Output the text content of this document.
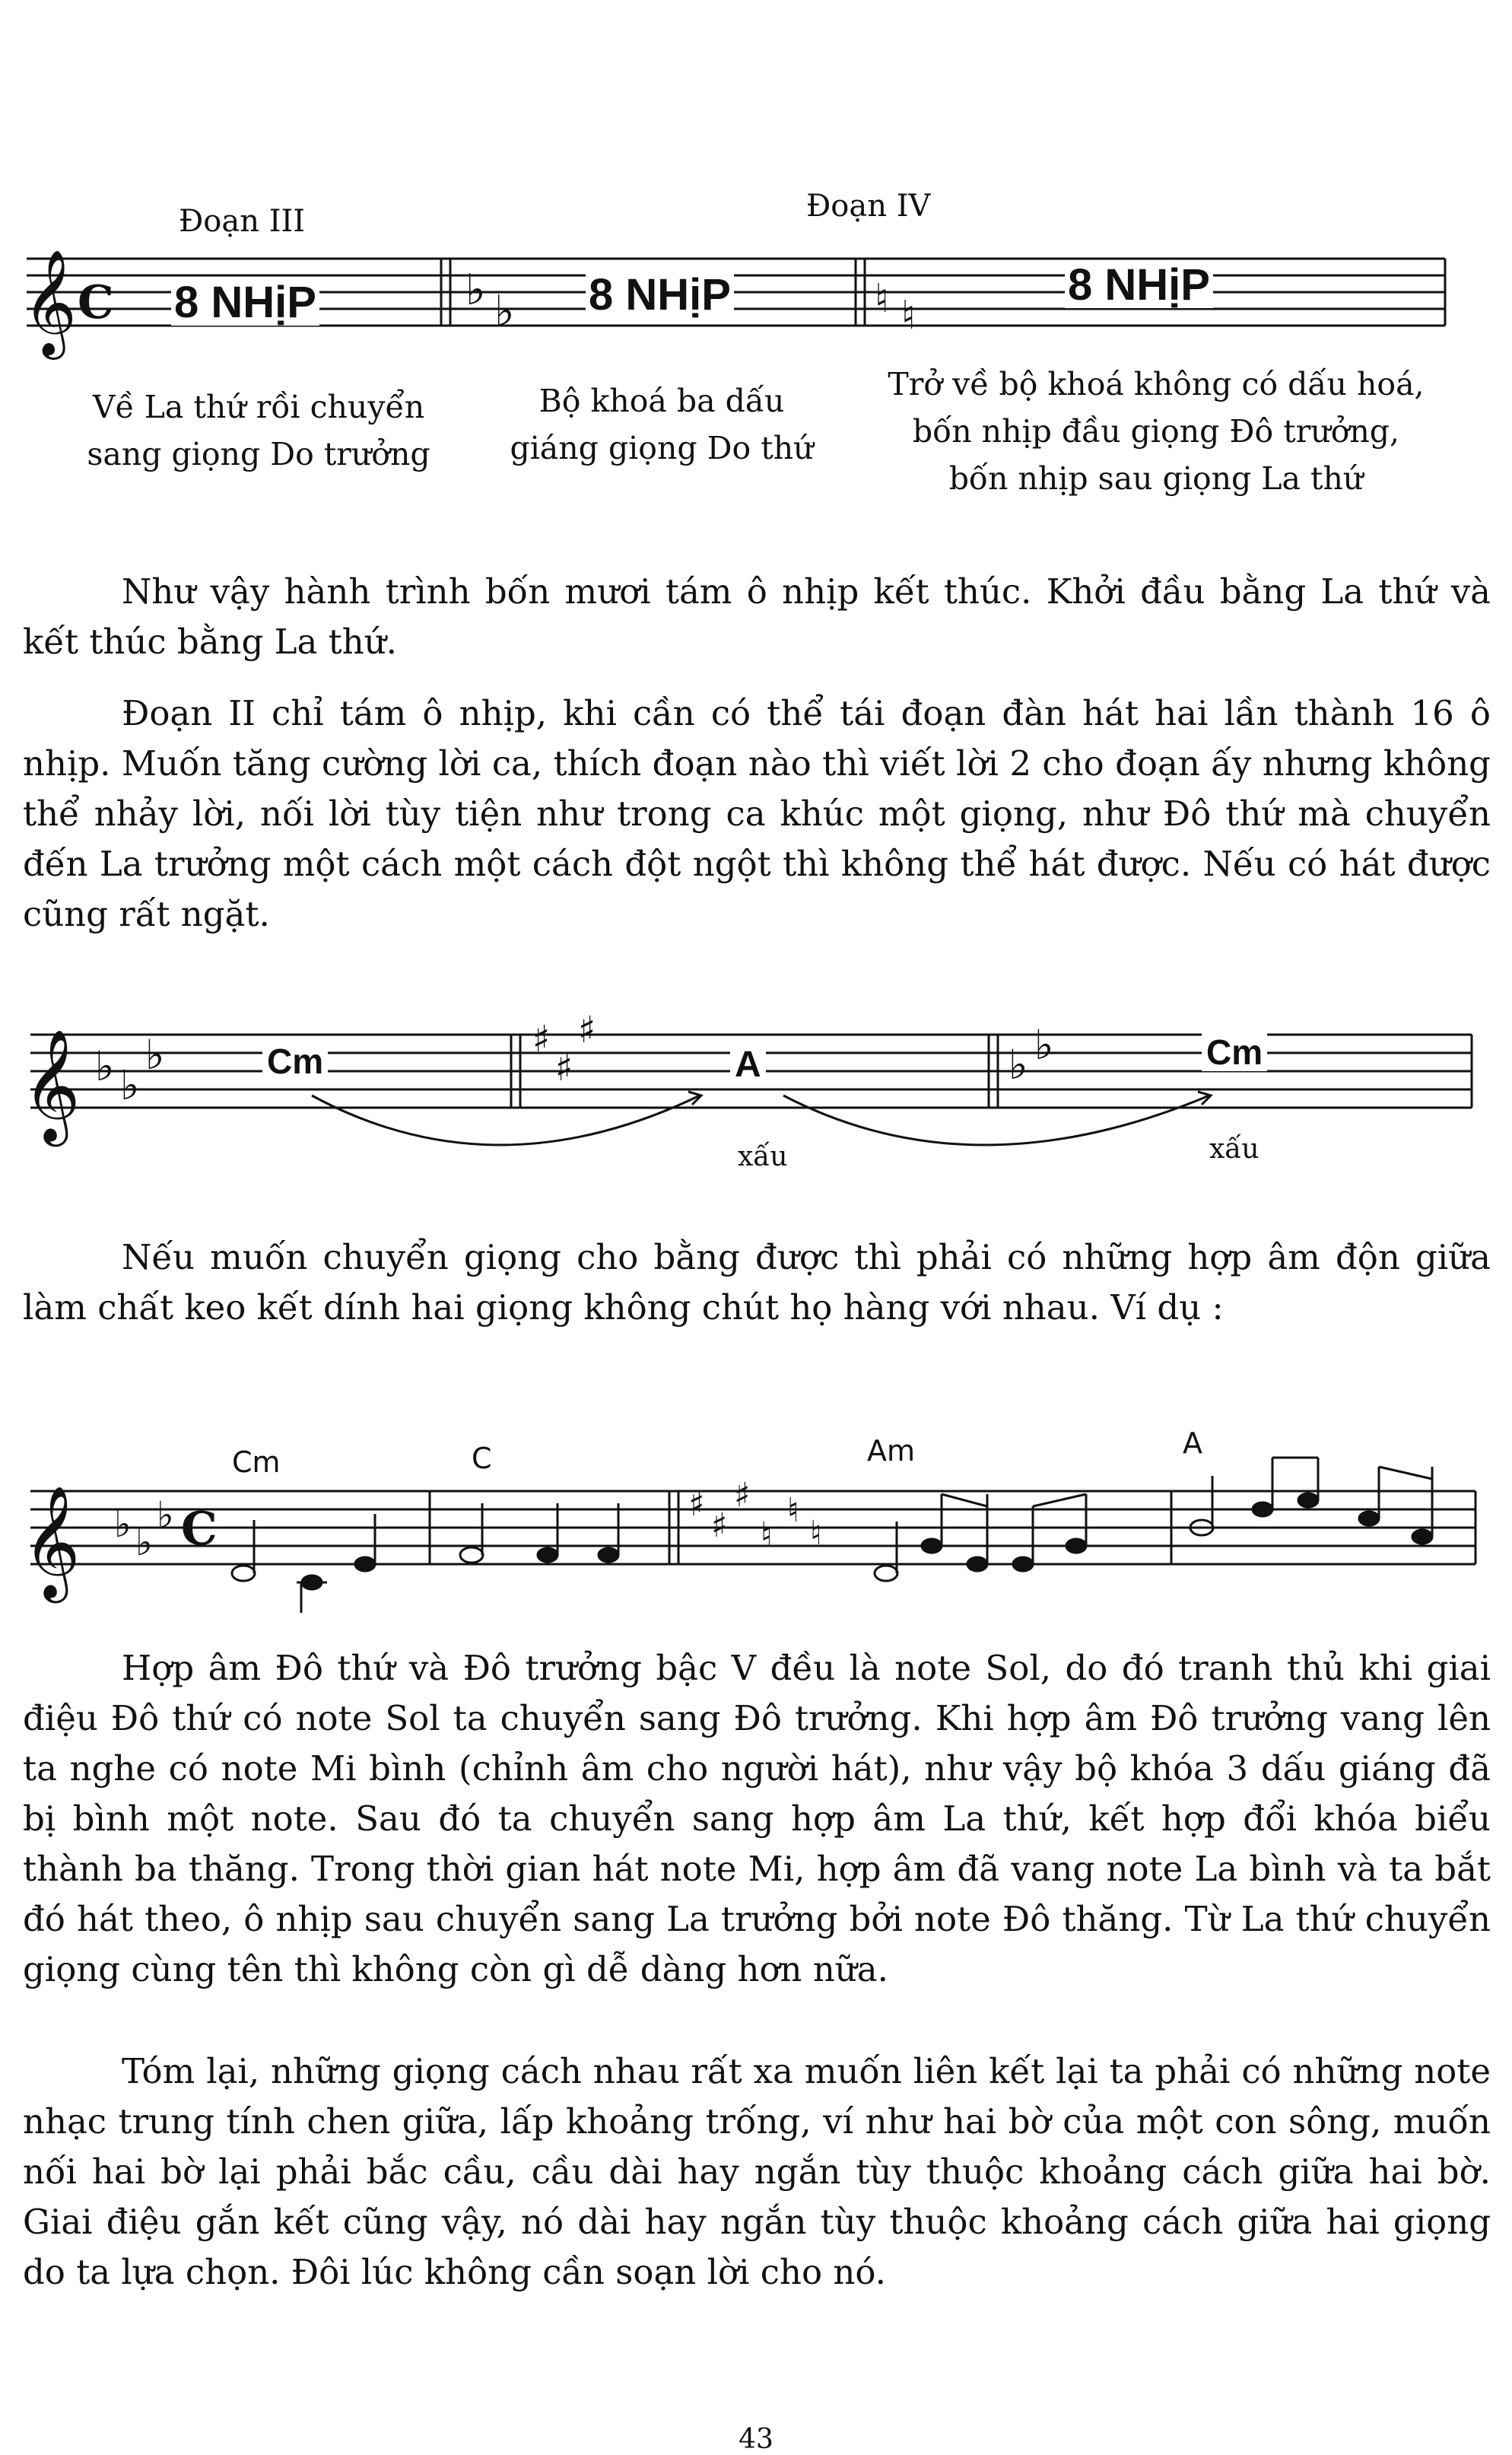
Đoạn III	Đoạn IV
𝄞 C	♭ ♭	♮ ♮
8 NHịP	8 NHịP	8 NHịP
Về La thứ rồi chuyển
sang giọng Do trưởng
Bộ khoá ba dấu
giáng giọng Do thứ
Trở về bộ khoá không có dấu hoá,
bốn nhịp đầu giọng Đô trưởng,
bốn nhịp sau giọng La thứ

Như vậy hành trình bốn mươi tám ô nhịp kết thúc. Khởi đầu bằng La thứ và kết thúc bằng La thứ.

Đoạn II chỉ tám ô nhịp, khi cần có thể tái đoạn đàn hát hai lần thành 16 ô nhịp. Muốn tăng cường lời ca, thích đoạn nào thì viết lời 2 cho đoạn ấy nhưng không thể nhảy lời, nối lời tùy tiện như trong ca khúc một giọng, như Đô thứ mà chuyển đến La trưởng một cách một cách đột ngột thì không thể hát được. Nếu có hát được cũng rất ngặt.

𝄞 ♭ ♭
♭	♯
♯
♯
♭ ♭
Cm	A	Cm
xấu	xấu

Nếu muốn chuyển giọng cho bằng được thì phải có những hợp âm độn giữa làm chất keo kết dính hai giọng không chút họ hàng với nhau. Ví dụ :

Cm	C	Am	A
𝄞 ♭ ♭
♭ C	♯
♯
♯
♮
♮
♮

Hợp âm Đô thứ và Đô trưởng bậc V đều là note Sol, do đó tranh thủ khi giai điệu Đô thứ có note Sol ta chuyển sang Đô trưởng. Khi hợp âm Đô trưởng vang lên ta nghe có note Mi bình (chỉnh âm cho người hát), như vậy bộ khóa 3 dấu giáng đã bị bình một note. Sau đó ta chuyển sang hợp âm La thứ, kết hợp đổi khóa biểu thành ba thăng. Trong thời gian hát note Mi, hợp âm đã vang note La bình và ta bắt đó hát theo, ô nhịp sau chuyển sang La trưởng bởi note Đô thăng. Từ La thứ chuyển giọng cùng tên thì không còn gì dễ dàng hơn nữa.

Tóm lại, những giọng cách nhau rất xa muốn liên kết lại ta phải có những note nhạc trung tính chen giữa, lấp khoảng trống, ví như hai bờ của một con sông, muốn nối hai bờ lại phải bắc cầu, cầu dài hay ngắn tùy thuộc khoảng cách giữa hai bờ. Giai điệu gắn kết cũng vậy, nó dài hay ngắn tùy thuộc khoảng cách giữa hai giọng do ta lựa chọn. Đôi lúc không cần soạn lời cho nó.

43
